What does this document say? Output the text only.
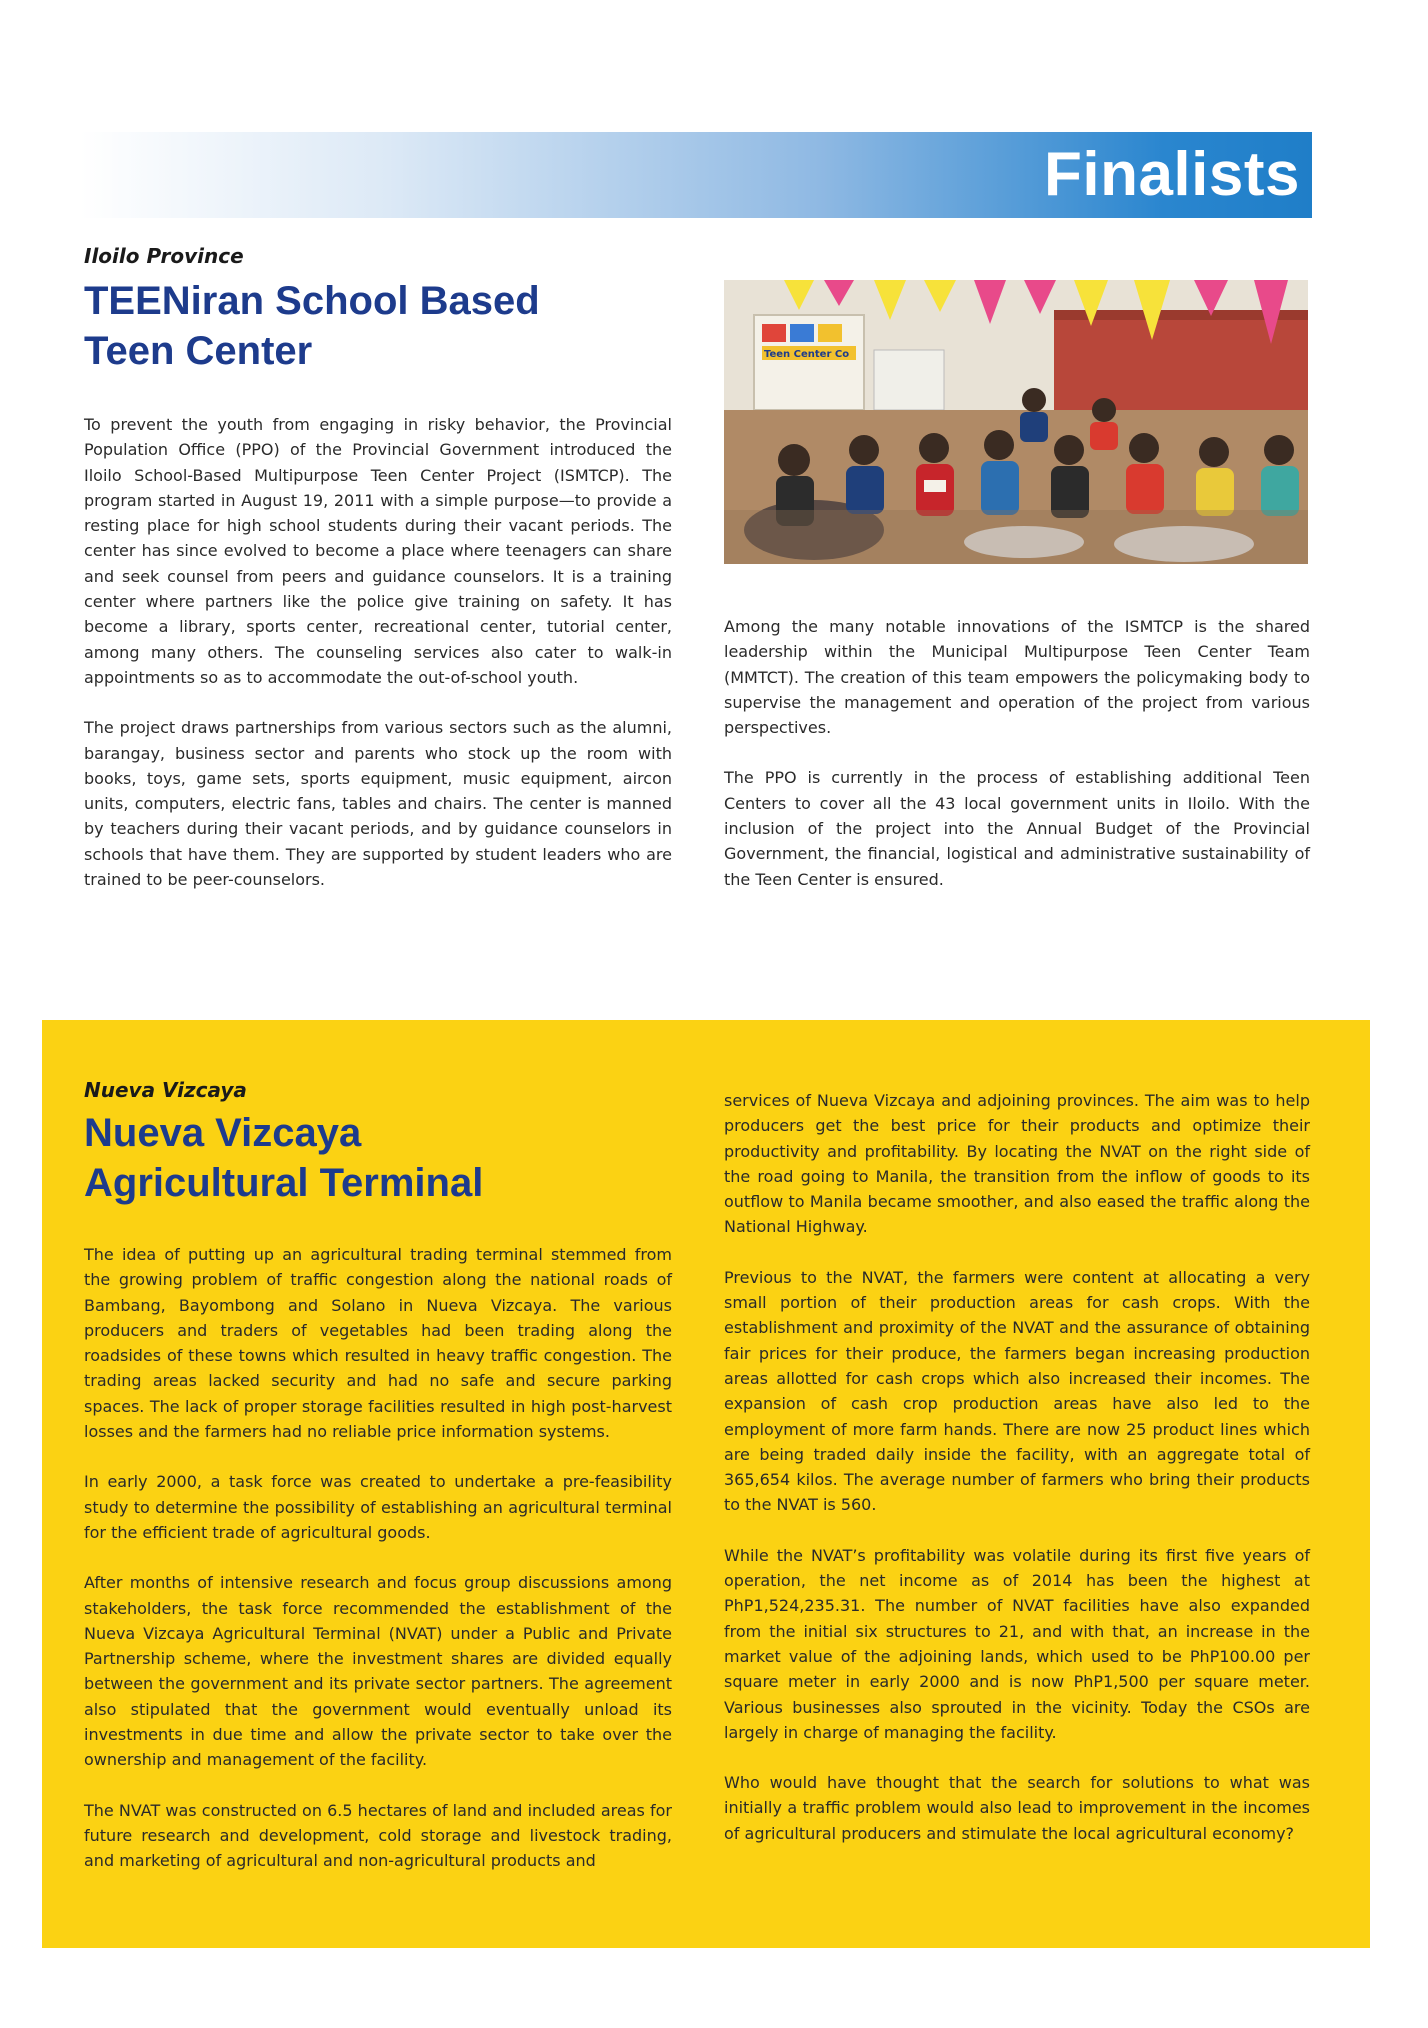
Finalists
Iloilo Province
TEENiran School Based
Teen Center

To prevent the youth from engaging in risky behavior, the Provincial Population Office (PPO) of the Provincial Government introduced the Iloilo School-Based Multipurpose Teen Center Project (ISMTCP). The program started in August 19, 2011 with a simple purpose—to provide a resting place for high school students during their vacant periods. The center has since evolved to become a place where teenagers can share and seek counsel from peers and guidance counselors. It is a training center where partners like the police give training on safety. It has become a library, sports center, recreational center, tutorial center, among many others. The counseling services also cater to walk-in appointments so as to accommodate the out-of-school youth.

The project draws partnerships from various sectors such as the alumni, barangay, business sector and parents who stock up the room with books, toys, game sets, sports equipment, music equipment, aircon units, computers, electric fans, tables and chairs. The center is manned by teachers during their vacant periods, and by guidance counselors in schools that have them. They are supported by student leaders who are trained to be peer-counselors.

Teen Center Co

Among the many notable innovations of the ISMTCP is the shared leadership within the Municipal Multipurpose Teen Center Team (MMTCT). The creation of this team empowers the policymaking body to supervise the management and operation of the project from various perspectives.

The PPO is currently in the process of establishing additional Teen Centers to cover all the 43 local government units in Iloilo. With the inclusion of the project into the Annual Budget of the Provincial Government, the financial, logistical and administrative sustainability of the Teen Center is ensured.

Nueva Vizcaya
Nueva Vizcaya
Agricultural Terminal

The idea of putting up an agricultural trading terminal stemmed from the growing problem of traffic congestion along the national roads of Bambang, Bayombong and Solano in Nueva Vizcaya. The various producers and traders of vegetables had been trading along the roadsides of these towns which resulted in heavy traffic congestion. The trading areas lacked security and had no safe and secure parking spaces. The lack of proper storage facilities resulted in high post-harvest losses and the farmers had no reliable price information systems.

In early 2000, a task force was created to undertake a pre-feasibility study to determine the possibility of establishing an agricultural terminal for the efficient trade of agricultural goods.

After months of intensive research and focus group discussions among stakeholders, the task force recommended the establishment of the Nueva Vizcaya Agricultural Terminal (NVAT) under a Public and Private Partnership scheme, where the investment shares are divided equally between the government and its private sector partners. The agreement also stipulated that the government would eventually unload its investments in due time and allow the private sector to take over the ownership and management of the facility.

The NVAT was constructed on 6.5 hectares of land and included areas for future research and development, cold storage and livestock trading, and marketing of agricultural and non-agricultural products and

services of Nueva Vizcaya and adjoining provinces. The aim was to help producers get the best price for their products and optimize their productivity and profitability. By locating the NVAT on the right side of the road going to Manila, the transition from the inflow of goods to its outflow to Manila became smoother, and also eased the traffic along the National Highway.

Previous to the NVAT, the farmers were content at allocating a very small portion of their production areas for cash crops. With the establishment and proximity of the NVAT and the assurance of obtaining fair prices for their produce, the farmers began increasing production areas allotted for cash crops which also increased their incomes. The expansion of cash crop production areas have also led to the employment of more farm hands. There are now 25 product lines which are being traded daily inside the facility, with an aggregate total of 365,654 kilos. The average number of farmers who bring their products to the NVAT is 560.

While the NVAT’s profitability was volatile during its first five years of operation, the net income as of 2014 has been the highest at PhP1,524,235.31. The number of NVAT facilities have also expanded from the initial six structures to 21, and with that, an increase in the market value of the adjoining lands, which used to be PhP100.00 per square meter in early 2000 and is now PhP1,500 per square meter. Various businesses also sprouted in the vicinity. Today the CSOs are largely in charge of managing the facility.

Who would have thought that the search for solutions to what was initially a traffic problem would also lead to improvement in the incomes of agricultural producers and stimulate the local agricultural economy?
